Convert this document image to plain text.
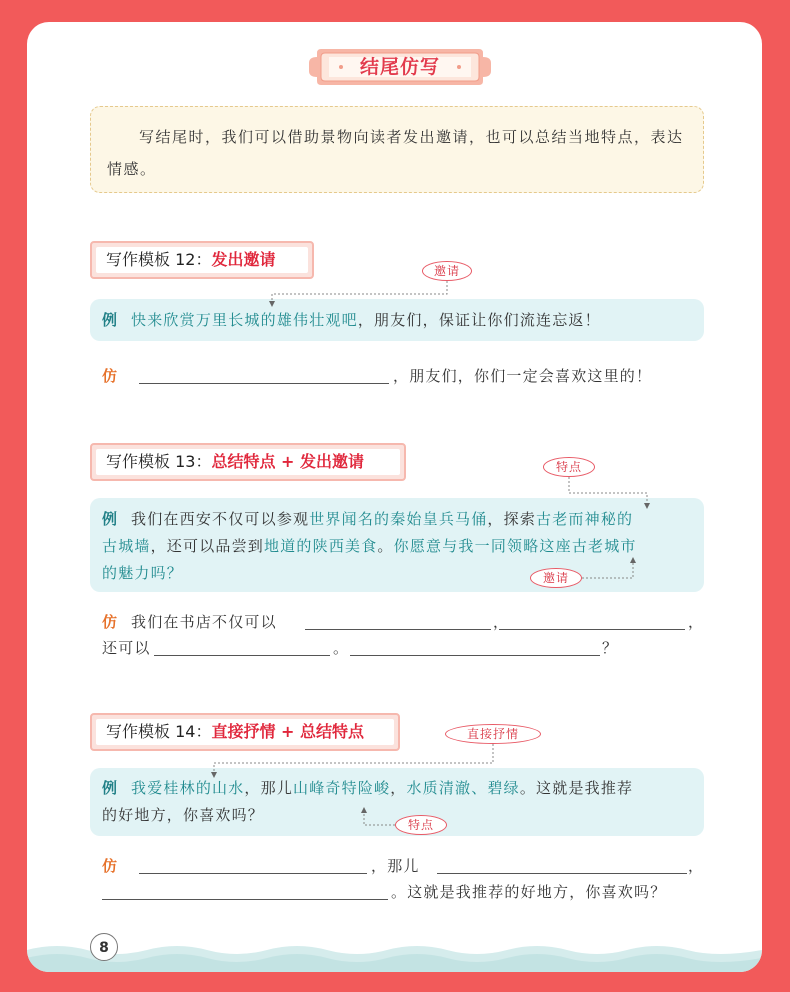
结尾仿写
写结尾时，我们可以借助景物向读者发出邀请，也可以总结当地特点，表达情感。
写作模板 12：发出邀请
邀请
例 快来欣赏万里长城的雄伟壮观吧，朋友们，保证让你们流连忘返！
仿	，朋友们，你们一定会喜欢这里的！
写作模板 13：总结特点 + 发出邀请	特点
例 我们在西安不仅可以参观世界闻名的秦始皇兵马俑，探索古老而神秘的
古城墙，还可以品尝到地道的陕西美食。你愿意与我一同领略这座古老城市
的魅力吗？	邀请
仿 我们在书店不仅可以	，	，
还可以	。	？
写作模板 14：直接抒情 + 总结特点	直接抒情
例 我爱桂林的山水，那儿山峰奇特险峻，水质清澈、碧绿。这就是我推荐
的好地方，你喜欢吗？
特点
仿	，那儿	，
。这就是我推荐的好地方，你喜欢吗？
8
